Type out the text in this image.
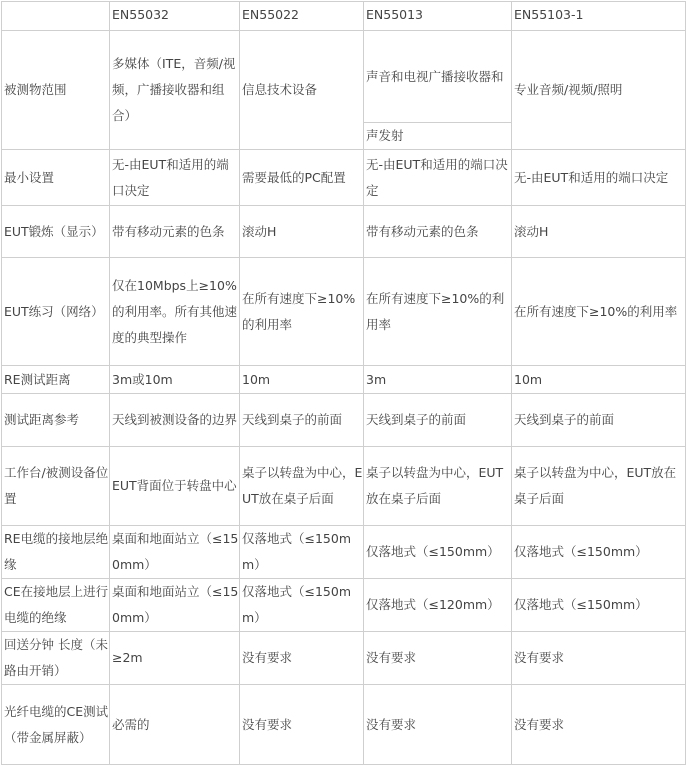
	EN55032	EN55022	EN55013	EN55103-1
被测物范围	多媒体（ITE，音频/视频，广播接收器和组合）	信息技术设备	声音和电视广播接收器和	专业音频/视频/照明
			声发射	
最小设置	无-由EUT和适用的端口决定	需要最低的PC配置	无-由EUT和适用的端口决定	无-由EUT和适用的端口决定
EUT锻炼（显示）	带有移动元素的色条	滚动H	带有移动元素的色条	滚动H
EUT练习（网络）	仅在10Mbps上≥10%的利用率。所有其他速度的典型操作	在所有速度下≥10%的利用率	在所有速度下≥10%的利用率	在所有速度下≥10%的利用率
RE测试距离	3m或10m	10m	3m	10m
测试距离参考	天线到被测设备的边界	天线到桌子的前面	天线到桌子的前面	天线到桌子的前面
工作台/被测设备位置	EUT背面位于转盘中心	桌子以转盘为中心，EUT放在桌子后面	桌子以转盘为中心，EUT放在桌子后面	桌子以转盘为中心，EUT放在桌子后面
RE电缆的接地层绝缘	桌面和地面站立（≤150mm）	仅落地式（≤150mm）	仅落地式（≤150mm）	仅落地式（≤150mm）
CE在接地层上进行电缆的绝缘	桌面和地面站立（≤150mm）	仅落地式（≤150mm）	仅落地式（≤120mm）	仅落地式（≤150mm）
回送分钟 长度（未路由开销）	≥2m	没有要求	没有要求	没有要求
光纤电缆的CE测试（带金属屏蔽）	必需的	没有要求	没有要求	没有要求
